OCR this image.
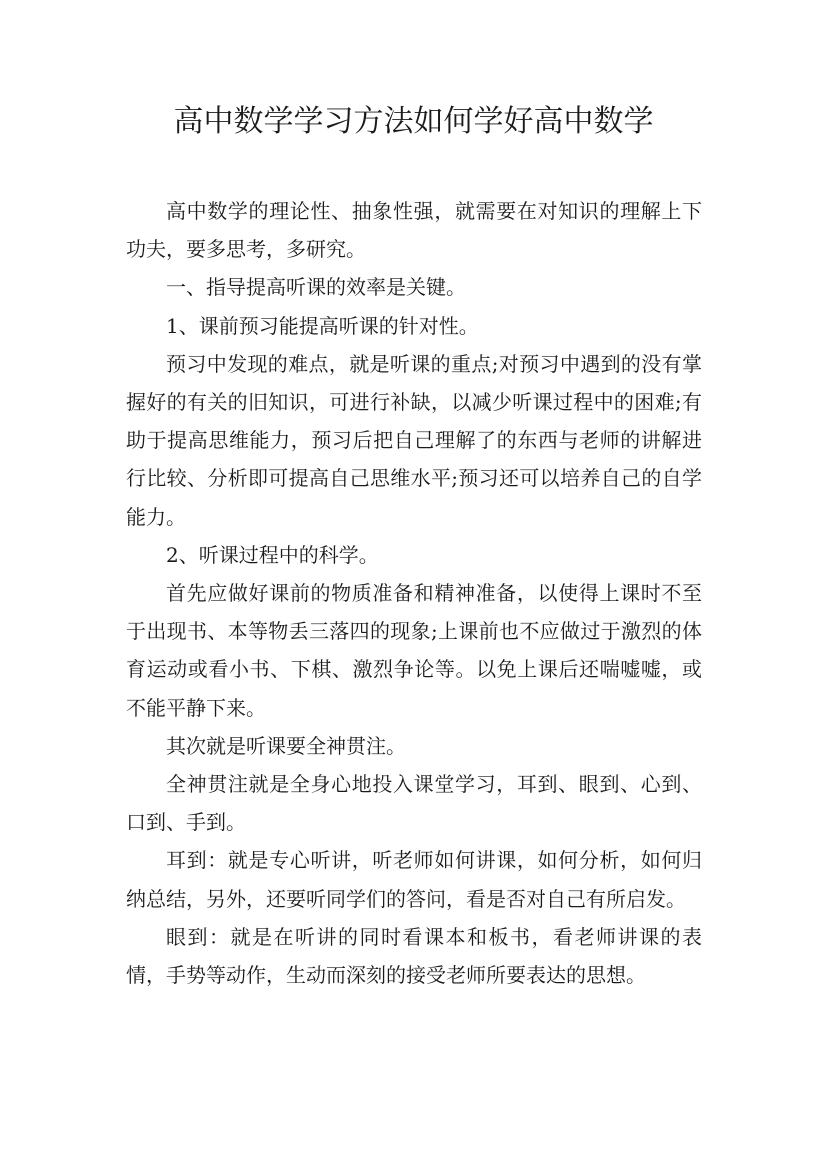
高中数学学习方法如何学好高中数学

高中数学的理论性、抽象性强，就需要在对知识的理解上下功夫，要多思考，多研究。

一、指导提高听课的效率是关键。

1、课前预习能提高听课的针对性。

预习中发现的难点，就是听课的重点;对预习中遇到的没有掌握好的有关的旧知识，可进行补缺，以减少听课过程中的困难;有助于提高思维能力，预习后把自己理解了的东西与老师的讲解进行比较、分析即可提高自己思维水平;预习还可以培养自己的自学能力。

2、听课过程中的科学。

首先应做好课前的物质准备和精神准备，以使得上课时不至于出现书、本等物丢三落四的现象;上课前也不应做过于激烈的体育运动或看小书、下棋、激烈争论等。以免上课后还喘嘘嘘，或不能平静下来。

其次就是听课要全神贯注。

全神贯注就是全身心地投入课堂学习，耳到、眼到、心到、口到、手到。

耳到：就是专心听讲，听老师如何讲课，如何分析，如何归纳总结，另外，还要听同学们的答问，看是否对自己有所启发。

眼到：就是在听讲的同时看课本和板书，看老师讲课的表情，手势等动作，生动而深刻的接受老师所要表达的思想。
